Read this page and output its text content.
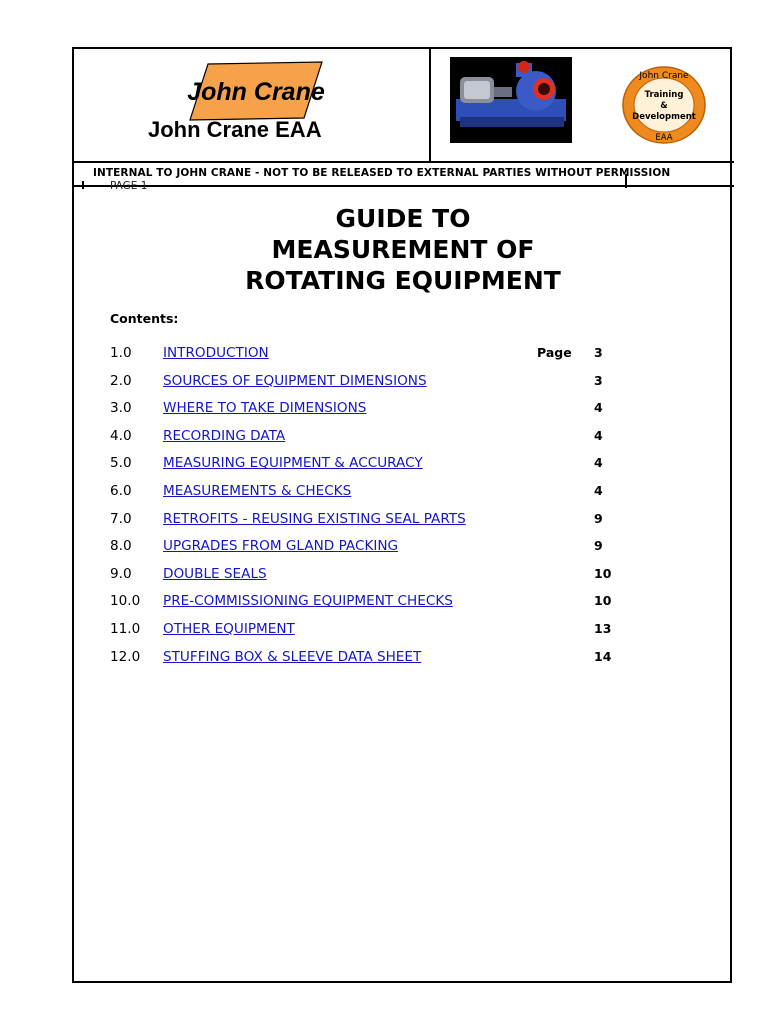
John Crane
John Crane EAA
John Crane
Training
&
Development
EAA
INTERNAL TO JOHN CRANE - NOT TO BE RELEASED TO EXTERNAL PARTIES WITHOUT PERMISSION
PAGE 1
GUIDE TO
MEASUREMENT OF
ROTATING EQUIPMENT
Contents:
1.0 INTRODUCTION	Page 3
2.0 SOURCES OF EQUIPMENT DIMENSIONS	3
3.0 WHERE TO TAKE DIMENSIONS	4
4.0 RECORDING DATA	4
5.0 MEASURING EQUIPMENT & ACCURACY	4
6.0 MEASUREMENTS & CHECKS	4
7.0 RETROFITS - REUSING EXISTING SEAL PARTS	9
8.0 UPGRADES FROM GLAND PACKING	9
9.0 DOUBLE SEALS	10
10.0 PRE-COMMISSIONING EQUIPMENT CHECKS	10
11.0 OTHER EQUIPMENT	13
12.0 STUFFING BOX & SLEEVE DATA SHEET	14
